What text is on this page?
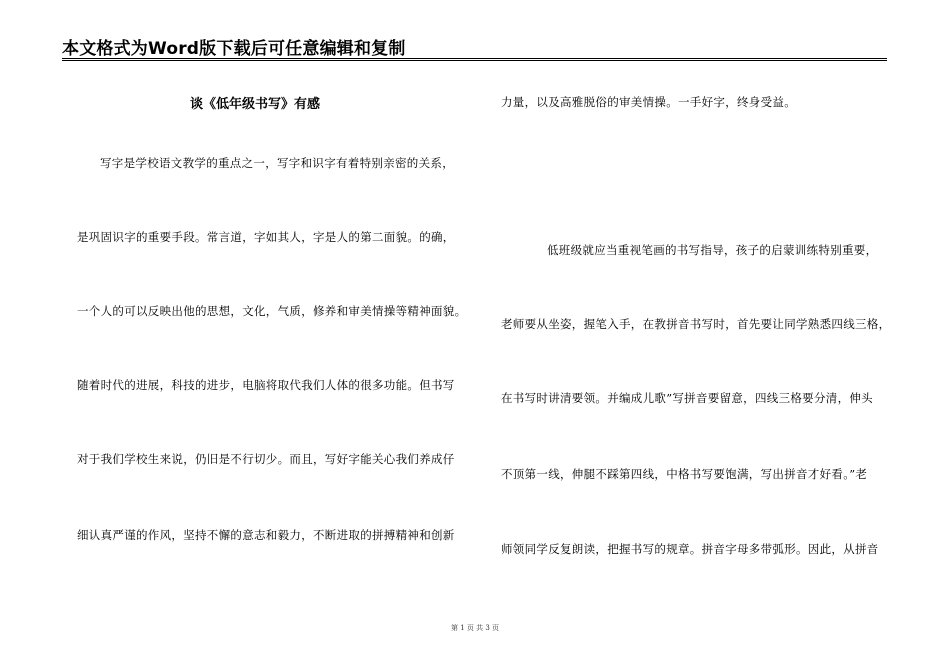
本文格式为Word版下载后可任意编辑和复制
谈《低年级书写》有感
写字是学校语文教学的重点之一，写字和识字有着特别亲密的关系，
是巩固识字的重要手段。常言道，字如其人，字是人的第二面貌。的确，
一个人的可以反映出他的思想，文化，气质，修养和审美情操等精神面貌。
随着时代的进展，科技的进步，电脑将取代我们人体的很多功能。但书写
对于我们学校生来说，仍旧是不行切少。而且，写好字能关心我们养成仔
细认真严谨的作风，坚持不懈的意志和毅力，不断进取的拼搏精神和创新
力量，以及高雅脱俗的审美情操。一手好字，终身受益。
低班级就应当重视笔画的书写指导，孩子的启蒙训练特别重要，
老师要从坐姿，握笔入手，在教拼音书写时，首先要让同学熟悉四线三格，
在书写时讲清要领。并编成儿歌”写拼音要留意，四线三格要分清，伸头
不顶第一线，伸腿不踩第四线，中格书写要饱满，写出拼音才好看。”老
师领同学反复朗读，把握书写的规章。拼音字母多带弧形。因此，从拼音
第 1 页 共 3 页
